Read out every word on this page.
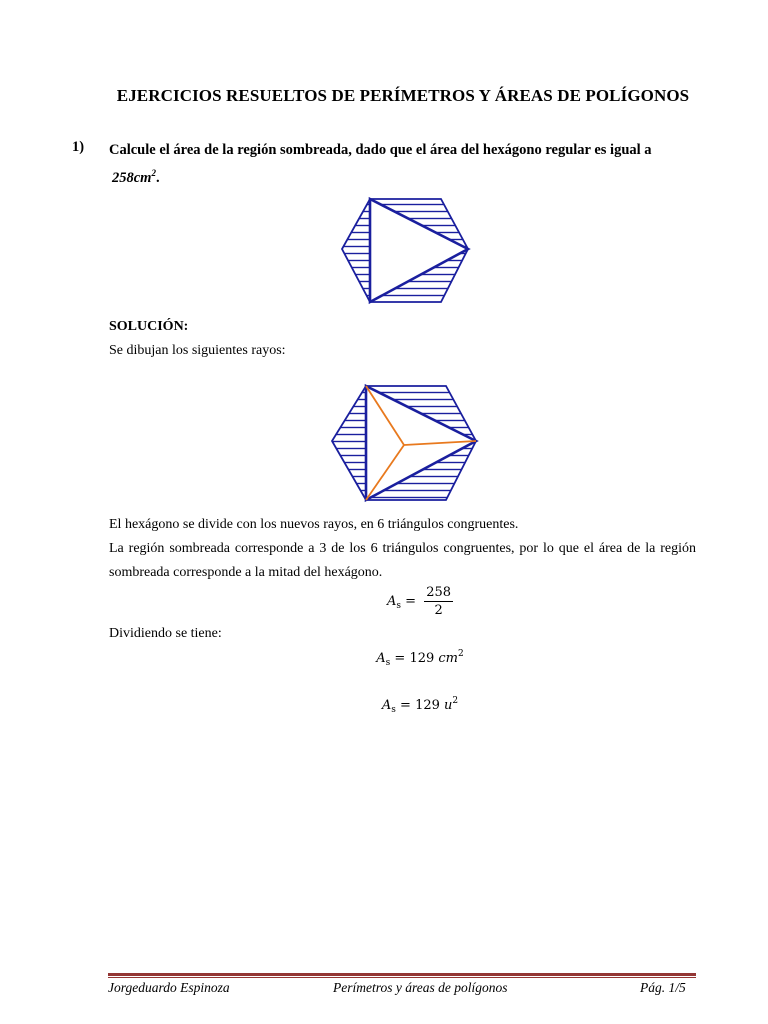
EJERCICIOS RESUELTOS DE PERÍMETROS Y ÁREAS DE POLÍGONOS
1) Calcule el área de la región sombreada, dado que el área del hexágono regular es igual a
$258cm^2$.
SOLUCIÓN:
Se dibujan los siguientes rayos:
El hexágono se divide con los nuevos rayos, en 6 triángulos congruentes.
La región sombreada corresponde a 3 de los 6 triángulos congruentes, por lo que el área de la región sombreada corresponde a la mitad del hexágono.
$A_s = \frac{258}{2}$
Dividiendo se tiene:
$A_s = 129$ $cm^2$
$A_s = 129$ $u^2$
Jorgeduardo Espinoza	Perímetros y áreas de polígonos	Pág. 1/5
